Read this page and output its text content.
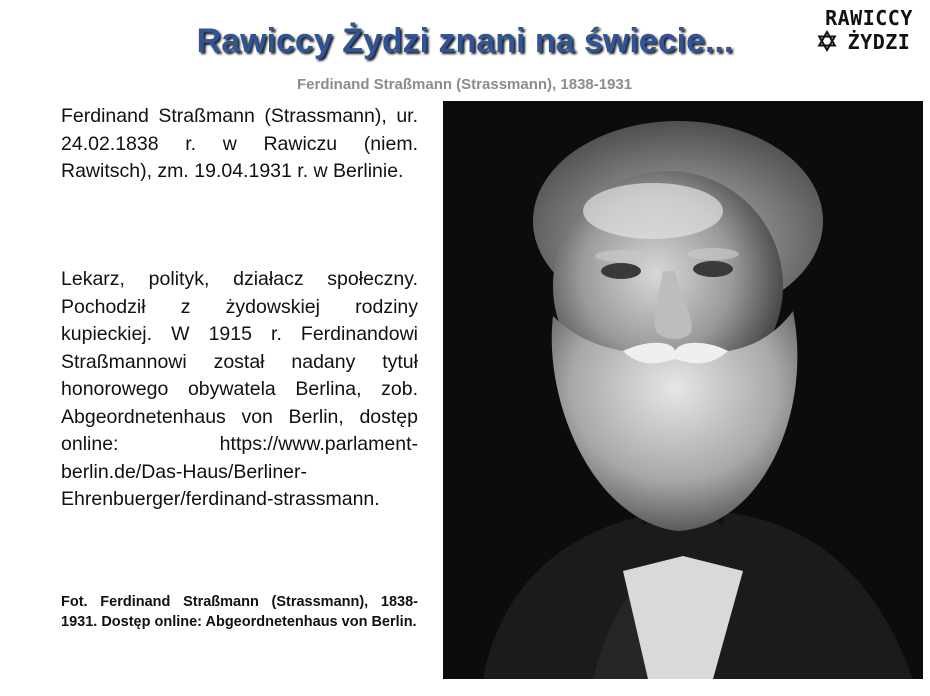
Rawiccy Żydzi znani na świecie...
Ferdinand Straßmann (Strassmann), 1838-1931
RAWICCY
ŻYDZI

Ferdinand Straßmann (Strassmann), ur. 24.02.1838 r. w Rawiczu (niem. Rawitsch), zm. 19.04.1931 r. w Berlinie.

Lekarz, polityk, działacz społeczny. Pochodził z żydowskiej rodziny kupieckiej. W 1915 r. Ferdinandowi Straßmannowi został nadany tytuł honorowego obywatela Berlina, zob. Abgeordnetenhaus von Berlin, dostęp online: https://www.parlament-berlin.de/Das-Haus/Berliner-Ehrenbuerger/ferdinand-strassmann.

Fot. Ferdinand Straßmann (Strassmann), 1838-1931. Dostęp online: Abgeordnetenhaus von Berlin.
